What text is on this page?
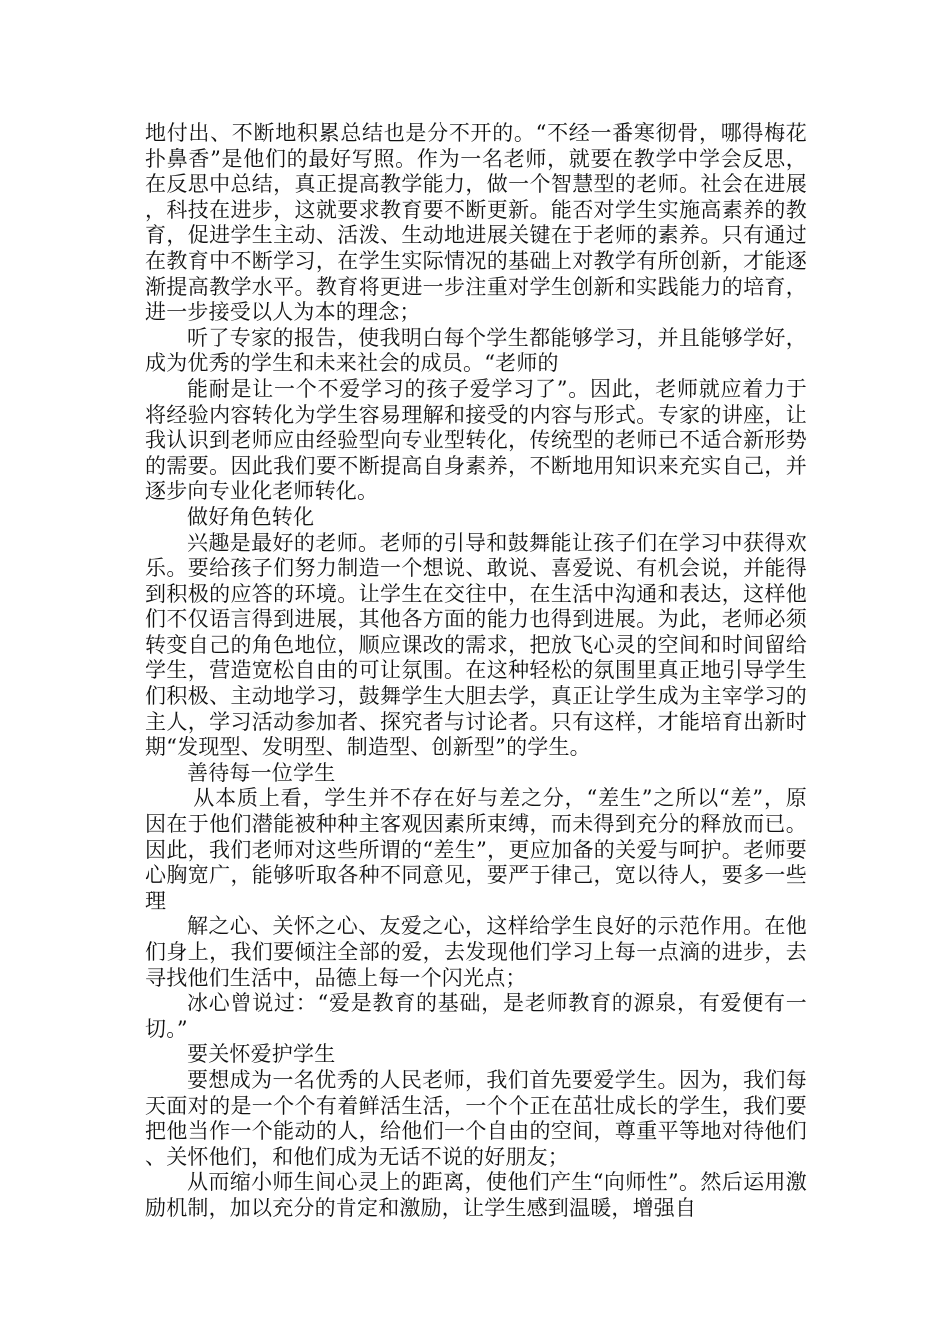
地付出、不断地积累总结也是分不开的。“不经一番寒彻骨，哪得梅花扑鼻香”是他们的最好写照。作为一名老师，就要在教学中学会反思，在反思中总结，真正提高教学能力，做一个智慧型的老师。社会在进展，科技在进步，这就要求教育要不断更新。能否对学生实施高素养的教育，促进学生主动、活泼、生动地进展关键在于老师的素养。只有通过在教育中不断学习，在学生实际情况的基础上对教学有所创新，才能逐渐提高教学水平。教育将更进一步注重对学生创新和实践能力的培育，进一步接受以人为本的理念；

听了专家的报告，使我明白每个学生都能够学习，并且能够学好，成为优秀的学生和未来社会的成员。“老师的

能耐是让一个不爱学习的孩子爱学习了”。因此，老师就应着力于将经验内容转化为学生容易理解和接受的内容与形式。专家的讲座，让我认识到老师应由经验型向专业型转化，传统型的老师已不适合新形势的需要。因此我们要不断提高自身素养，不断地用知识来充实自己，并逐步向专业化老师转化。

做好角色转化

兴趣是最好的老师。老师的引导和鼓舞能让孩子们在学习中获得欢乐。要给孩子们努力制造一个想说、敢说、喜爱说、有机会说，并能得到积极的应答的环境。让学生在交往中，在生活中沟通和表达，这样他们不仅语言得到进展，其他各方面的能力也得到进展。为此，老师必须转变自己的角色地位，顺应课改的需求，把放飞心灵的空间和时间留给学生，营造宽松自由的可让氛围。在这种轻松的氛围里真正地引导学生们积极、主动地学习，鼓舞学生大胆去学，真正让学生成为主宰学习的主人，学习活动参加者、探究者与讨论者。只有这样，才能培育出新时期“发现型、发明型、制造型、创新型”的学生。

善待每一位学生

从本质上看，学生并不存在好与差之分，“差生”之所以“差”，原因在于他们潜能被种种主客观因素所束缚，而未得到充分的释放而已。因此，我们老师对这些所谓的“差生”，更应加备的关爱与呵护。老师要心胸宽广，能够听取各种不同意见，要严于律己，宽以待人，要多一些理

解之心、关怀之心、友爱之心，这样给学生良好的示范作用。在他们身上，我们要倾注全部的爱，去发现他们学习上每一点滴的进步，去寻找他们生活中，品德上每一个闪光点；

冰心曾说过：“爱是教育的基础，是老师教育的源泉，有爱便有一切。”

要关怀爱护学生

要想成为一名优秀的人民老师，我们首先要爱学生。因为，我们每天面对的是一个个有着鲜活生活，一个个正在茁壮成长的学生，我们要把他当作一个能动的人，给他们一个自由的空间，尊重平等地对待他们、关怀他们，和他们成为无话不说的好朋友；

从而缩小师生间心灵上的距离，使他们产生“向师性”。然后运用激励机制，加以充分的肯定和激励，让学生感到温暖，增强自
